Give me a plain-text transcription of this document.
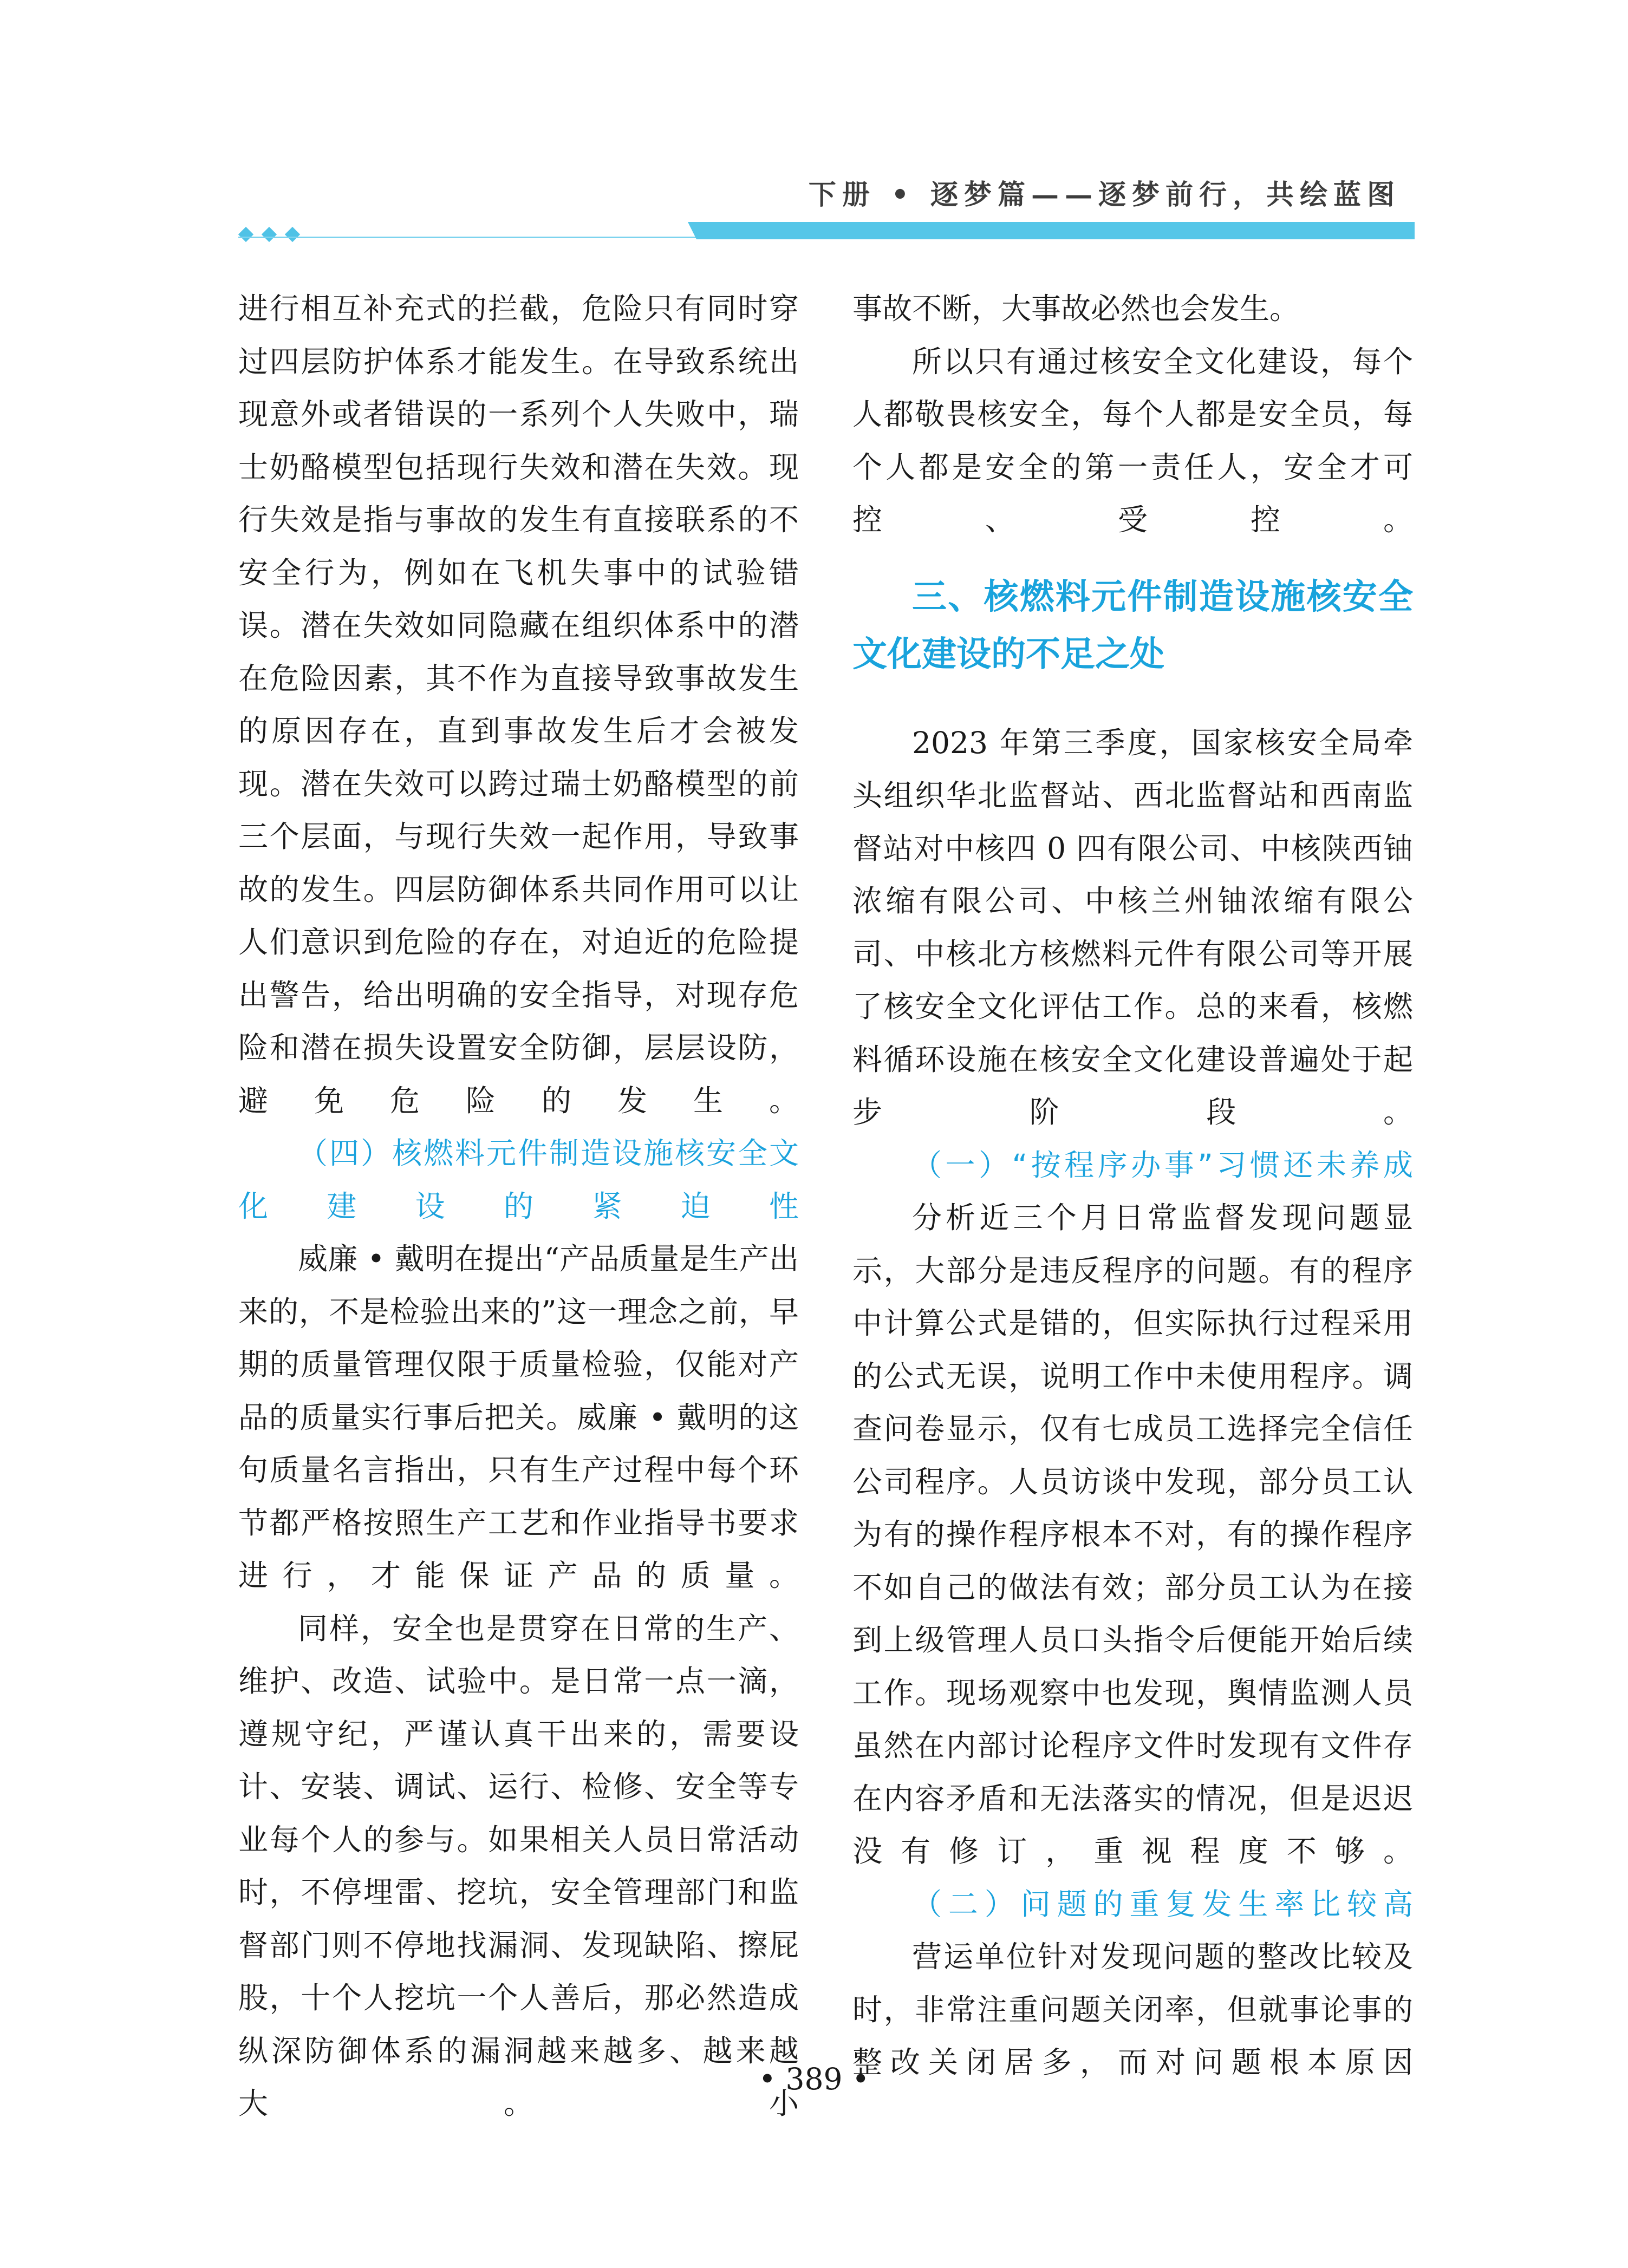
下册 • 逐梦篇——逐梦前行，共绘蓝图

进行相互补充式的拦截，危险只有同时穿过四层防护体系才能发生。在导致系统出现意外或者错误的一系列个人失败中，瑞士奶酪模型包括现行失效和潜在失效。现行失效是指与事故的发生有直接联系的不安全行为，例如在飞机失事中的试验错误。潜在失效如同隐藏在组织体系中的潜在危险因素，其不作为直接导致事故发生的原因存在，直到事故发生后才会被发现。潜在失效可以跨过瑞士奶酪模型的前三个层面，与现行失效一起作用，导致事故的发生。四层防御体系共同作用可以让人们意识到危险的存在，对迫近的危险提出警告，给出明确的安全指导，对现存危险和潜在损失设置安全防御，层层设防，避免危险的发生。

（四）核燃料元件制造设施核安全文化建设的紧迫性

威廉 • 戴明在提出“产品质量是生产出来的，不是检验出来的”这一理念之前，早期的质量管理仅限于质量检验，仅能对产品的质量实行事后把关。威廉 • 戴明的这句质量名言指出，只有生产过程中每个环节都严格按照生产工艺和作业指导书要求进行，才能保证产品的质量。

同样，安全也是贯穿在日常的生产、维护、改造、试验中。是日常一点一滴，遵规守纪，严谨认真干出来的，需要设计、安装、调试、运行、检修、安全等专业每个人的参与。如果相关人员日常活动时，不停埋雷、挖坑，安全管理部门和监督部门则不停地找漏洞、发现缺陷、擦屁股，十个人挖坑一个人善后，那必然造成纵深防御体系的漏洞越来越多、越来越大。小

事故不断，大事故必然也会发生。

所以只有通过核安全文化建设，每个人都敬畏核安全，每个人都是安全员，每个人都是安全的第一责任人，安全才可控、受控。

三、核燃料元件制造设施核安全文化建设的不足之处

2023 年第三季度，国家核安全局牵头组织华北监督站、西北监督站和西南监督站对中核四 0 四有限公司、中核陕西铀浓缩有限公司、中核兰州铀浓缩有限公司、中核北方核燃料元件有限公司等开展了核安全文化评估工作。总的来看，核燃料循环设施在核安全文化建设普遍处于起步阶段。

（一）“按程序办事”习惯还未养成

分析近三个月日常监督发现问题显示，大部分是违反程序的问题。有的程序中计算公式是错的，但实际执行过程采用的公式无误，说明工作中未使用程序。调查问卷显示，仅有七成员工选择完全信任公司程序。人员访谈中发现，部分员工认为有的操作程序根本不对，有的操作程序不如自己的做法有效；部分员工认为在接到上级管理人员口头指令后便能开始后续工作。现场观察中也发现，舆情监测人员虽然在内部讨论程序文件时发现有文件存在内容矛盾和无法落实的情况，但是迟迟没有修订，重视程度不够。

（二）问题的重复发生率比较高

营运单位针对发现问题的整改比较及时，非常注重问题关闭率，但就事论事的整改关闭居多，而对问题根本原因

• 389 •
